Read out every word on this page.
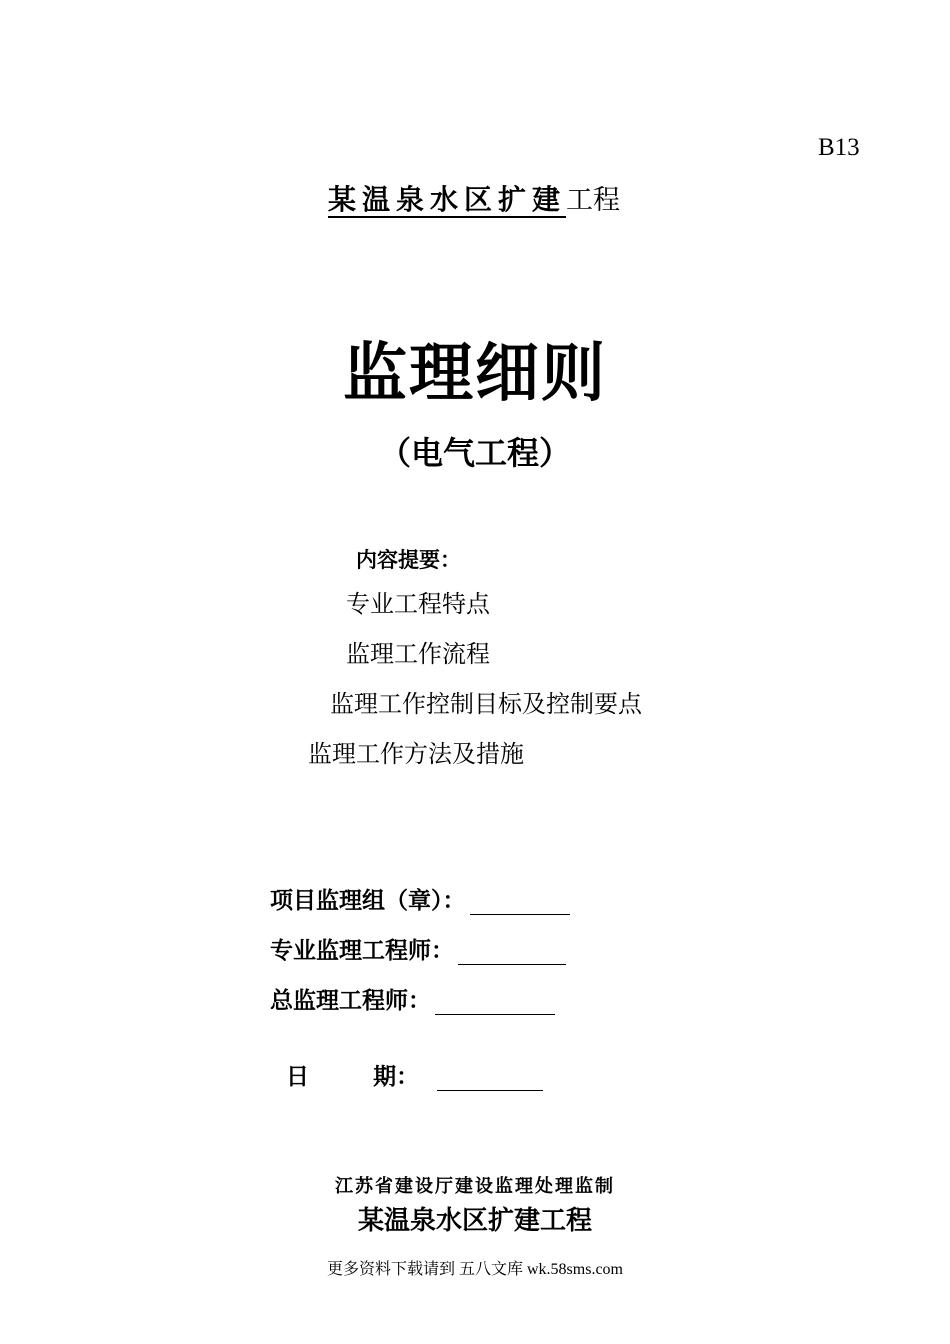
B13
某温泉水区扩建工程
监理细则
（电气工程）
内容提要：
专业工程特点
监理工作流程
监理工作控制目标及控制要点
监理工作方法及措施
项目监理组（章）：
专业监理工程师：
总监理工程师：

日        期：

江苏省建设厅建设监理处理监制
某温泉水区扩建工程
更多资料下载请到 五八文库 wk.58sms.com
